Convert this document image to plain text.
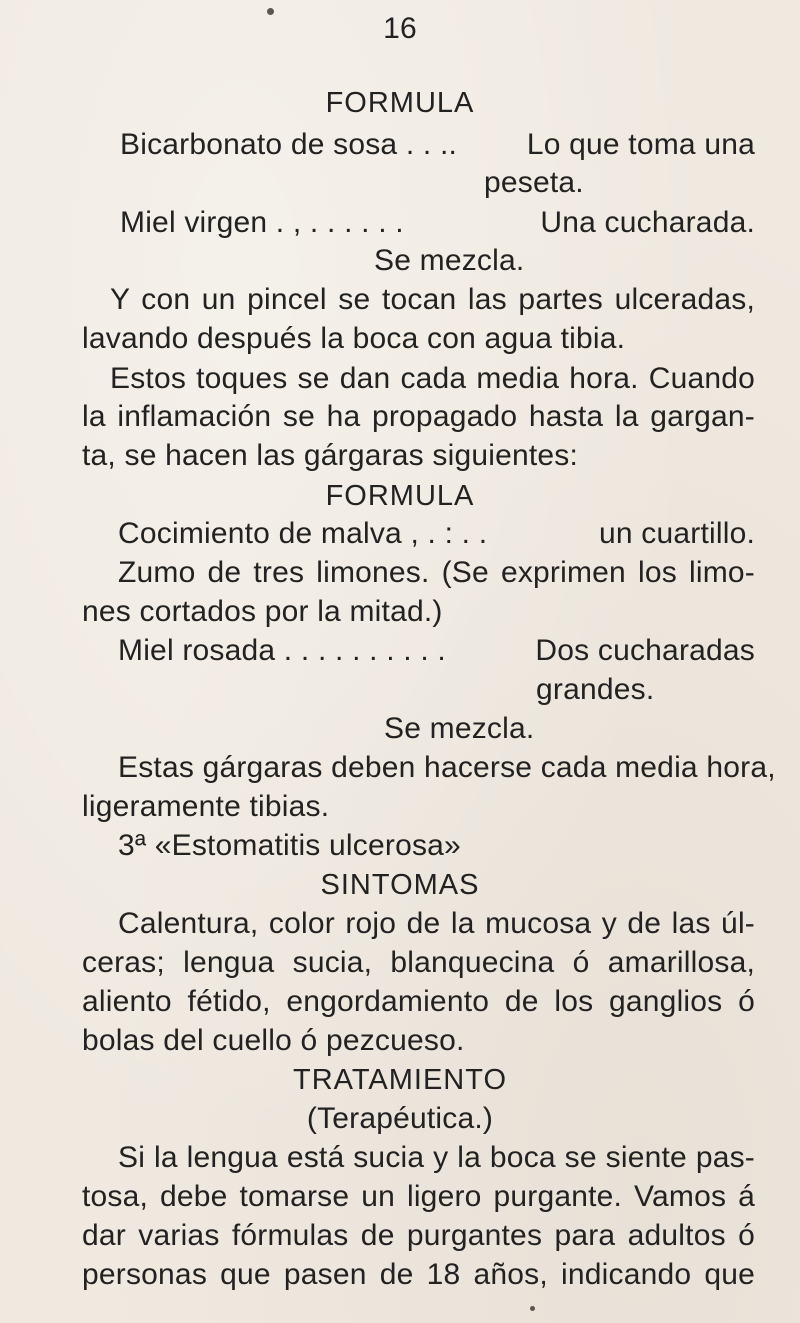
16
FORMULA
Bicarbonato de sosa . . .. Lo que toma una
peseta.
Miel virgen . , . . . . . .	Una cucharada.
Se mezcla.
Y con un pincel se tocan las partes ulceradas,
lavando después la boca con agua tibia.
Estos toques se dan cada media hora. Cuando
la inflamación se ha propagado hasta la gargan-
ta, se hacen las gárgaras siguientes:
FORMULA
Cocimiento de malva , . : . .	un cuartillo.
Zumo de tres limones. (Se exprimen los limo-
nes cortados por la mitad.)
Miel rosada . . . . . . . . . .	Dos cucharadas
grandes.
Se mezcla.
Estas gárgaras deben hacerse cada media hora,
ligeramente tibias.
3ª «Estomatitis ulcerosa»
SINTOMAS
Calentura, color rojo de la mucosa y de las úl-
ceras; lengua sucia, blanquecina ó amarillosa,
aliento fétido, engordamiento de los ganglios ó
bolas del cuello ó pezcueso.
TRATAMIENTO
(Terapéutica.)
Si la lengua está sucia y la boca se siente pas-
tosa, debe tomarse un ligero purgante. Vamos á
dar varias fórmulas de purgantes para adultos ó
personas que pasen de 18 años, indicando que
